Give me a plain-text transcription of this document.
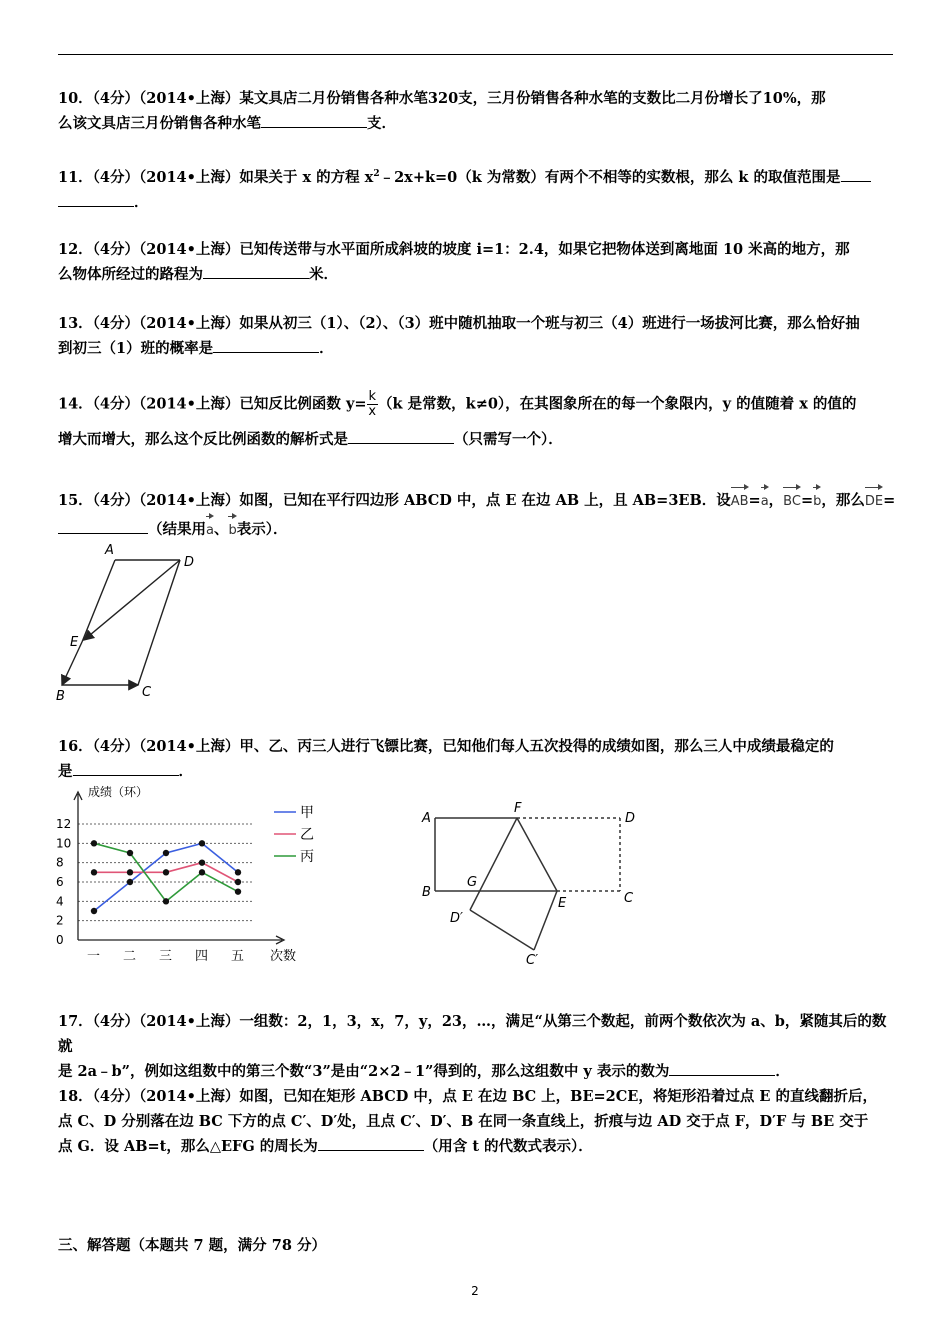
10．（4分）（2014•上海）某文具店二月份销售各种水笔320支，三月份销售各种水笔的支数比二月份增长了10%，那
么该文具店三月份销售各种水笔	支．
11．（4分）（2014•上海）如果关于 x 的方程 $x^2﹣2x+k=0(k$ 为常数）有两个不相等的实数根，那么 k 的取值范围是
．
12．（4分）（2014•上海）已知传送带与水平面所成斜坡的坡度 i=1：2.4，如果它把物体送到离地面 10 米高的地方，那
么物体所经过的路程为	米．
13．（4分）（2014•上海）如果从初三（1）、（2）、（3）班中随机抽取一个班与初三（4）班进行一场拔河比赛，那么恰好抽
到初三（1）班的概率是	．
14．（4分）（2014•上海）已知反比例函数 $y= \frac{k}{x} (k$ 是常数，k≠0），在其图象所在的每一个象限内，y 的值随着 x 的值的
增大而增大，那么这个反比例函数的解析式是	（只需写一个）．
15．（4分）（2014•上海）如图，已知在平行四边形 ABCD 中，点 E 在边 AB 上，且 AB=3EB．设AB=a，BC=b，那么DE=
（结果用a、b表示）．
A
D
E
B	C
16．（4分）（2014•上海）甲、乙、丙三人进行飞镖比赛，已知他们每人五次投得的成绩如图，那么三人中成绩最稳定的
是	．
成绩（环）
次数
0
2
4
6
8
10
12
一 二 三 四 五
甲
乙
丙
A
F
D
B
G
E	C
D′
C′
17．（4分）（2014•上海）一组数：2，1，3，x，7，y，23，…，满足“从第三个数起，前两个数依次为 a、b，紧随其后的数就
是 2a﹣b”，例如这组数中的第三个数“3”是由“2×2﹣1”得到的，那么这组数中 y 表示的数为	．
18．（4分）（2014•上海）如图，已知在矩形 ABCD 中，点 E 在边 BC 上，BE=2CE，将矩形沿着过点 E 的直线翻折后，
点 C、D 分别落在边 BC 下方的点 C′、D′处，且点 C′、D′、B 在同一条直线上，折痕与边 AD 交于点 F，D′F 与 BE 交于
点 G．设 AB=t，那么△EFG 的周长为	（用含 t 的代数式表示）．
三、解答题（本题共 7 题，满分 78 分）
2
